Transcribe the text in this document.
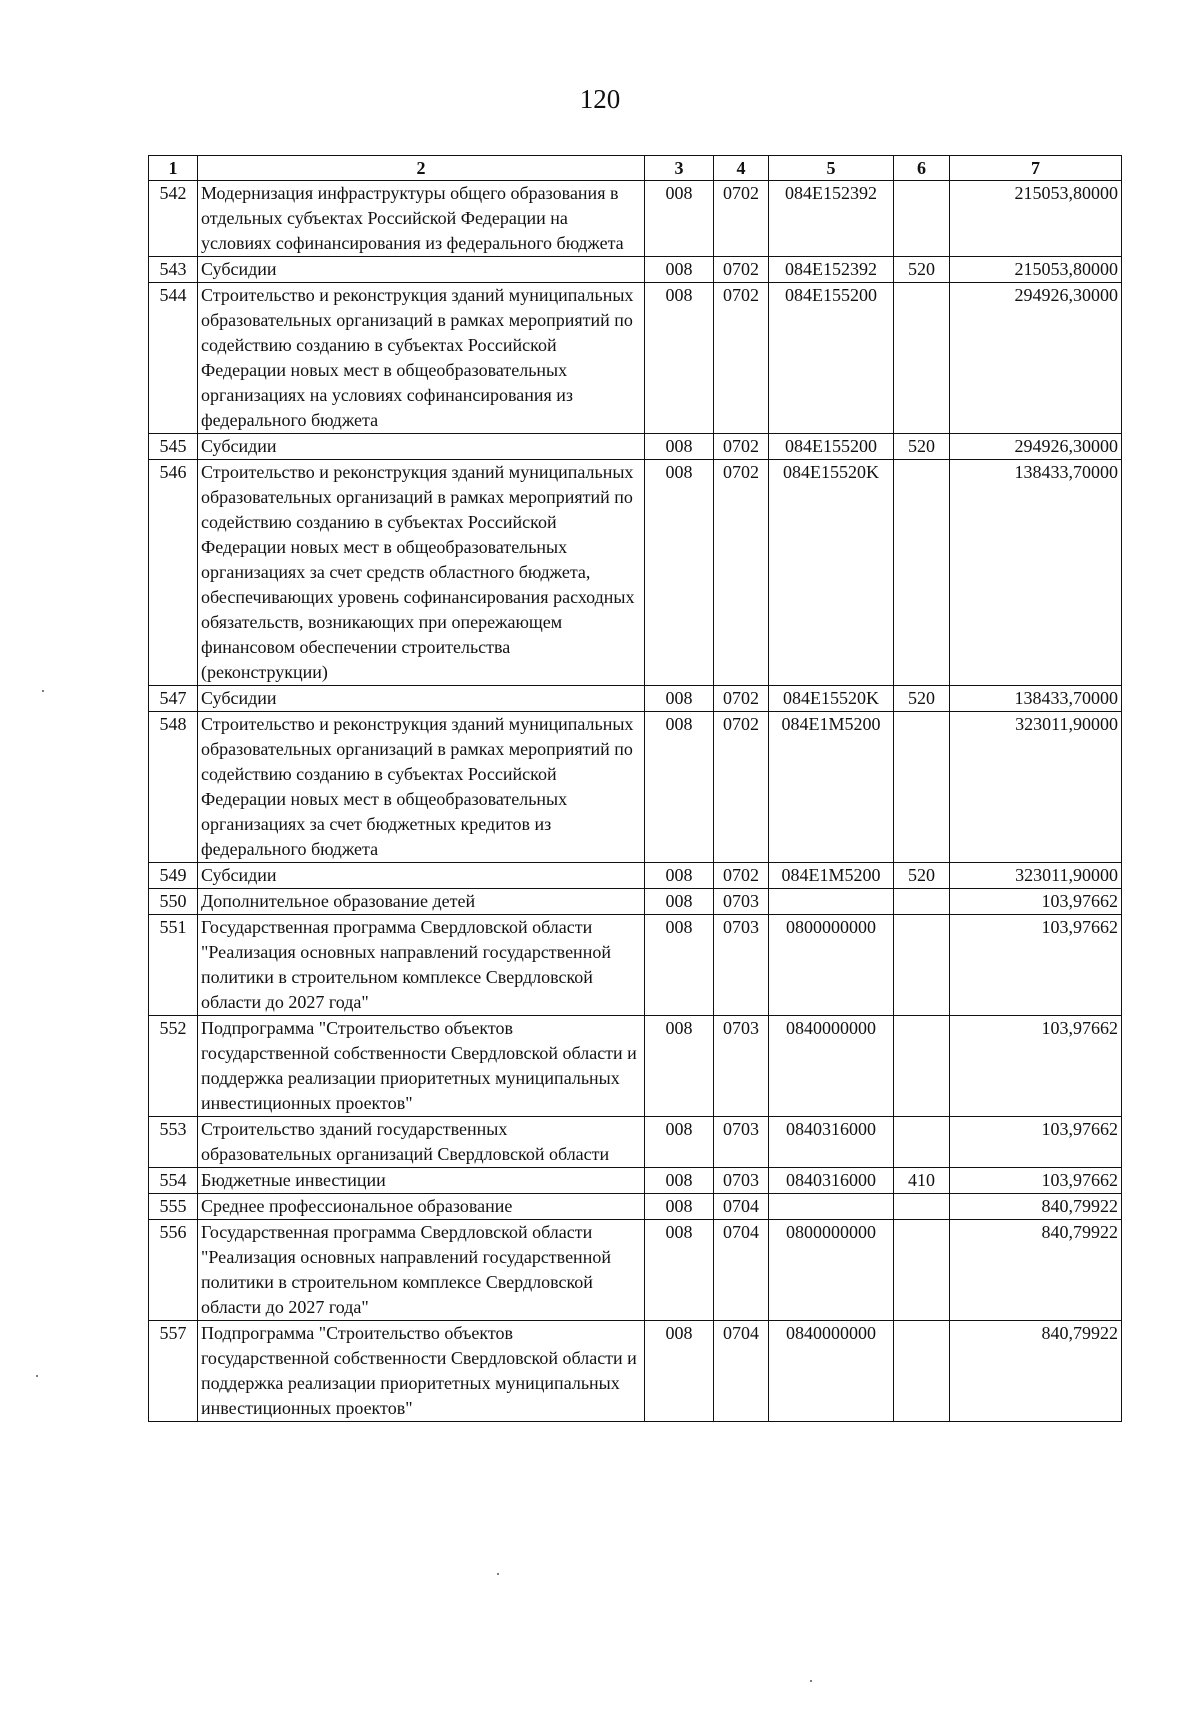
120
1	2	3	4	5	6	7
542	Модернизация инфраструктуры общего образования в отдельных субъектах Российской Федерации на условиях софинансирования из федерального бюджета	008	0702	084E152392		215053,80000
543	Субсидии	008	0702	084E152392	520	215053,80000
544	Строительство и реконструкция зданий муниципальных образовательных организаций в рамках мероприятий по содействию созданию в субъектах Российской Федерации новых мест в общеобразовательных организациях на условиях софинансирования из федерального бюджета	008	0702	084E155200		294926,30000
545	Субсидии	008	0702	084E155200	520	294926,30000
546	Строительство и реконструкция зданий муниципальных образовательных организаций в рамках мероприятий по содействию созданию в субъектах Российской Федерации новых мест в общеобразовательных организациях за счет средств областного бюджета, обеспечивающих уровень софинансирования расходных обязательств, возникающих при опережающем финансовом обеспечении строительства (реконструкции)	008	0702	084E15520K		138433,70000
547	Субсидии	008	0702	084E15520K	520	138433,70000
548	Строительство и реконструкция зданий муниципальных образовательных организаций в рамках мероприятий по содействию созданию в субъектах Российской Федерации новых мест в общеобразовательных организациях за счет бюджетных кредитов из федерального бюджета	008	0702	084E1M5200		323011,90000
549	Субсидии	008	0702	084E1M5200	520	323011,90000
550	Дополнительное образование детей	008	0703			103,97662
551	Государственная программа Свердловской области "Реализация основных направлений государственной политики в строительном комплексе Свердловской области до 2027 года"	008	0703	0800000000		103,97662
552	Подпрограмма "Строительство объектов государственной собственности Свердловской области и поддержка реализации приоритетных муниципальных инвестиционных проектов"	008	0703	0840000000		103,97662
553	Строительство зданий государственных образовательных организаций Свердловской области	008	0703	0840316000		103,97662
554	Бюджетные инвестиции	008	0703	0840316000	410	103,97662
555	Среднее профессиональное образование	008	0704			840,79922
556	Государственная программа Свердловской области "Реализация основных направлений государственной политики в строительном комплексе Свердловской области до 2027 года"	008	0704	0800000000		840,79922
557	Подпрограмма "Строительство объектов государственной собственности Свердловской области и поддержка реализации приоритетных муниципальных инвестиционных проектов"	008	0704	0840000000		840,79922
